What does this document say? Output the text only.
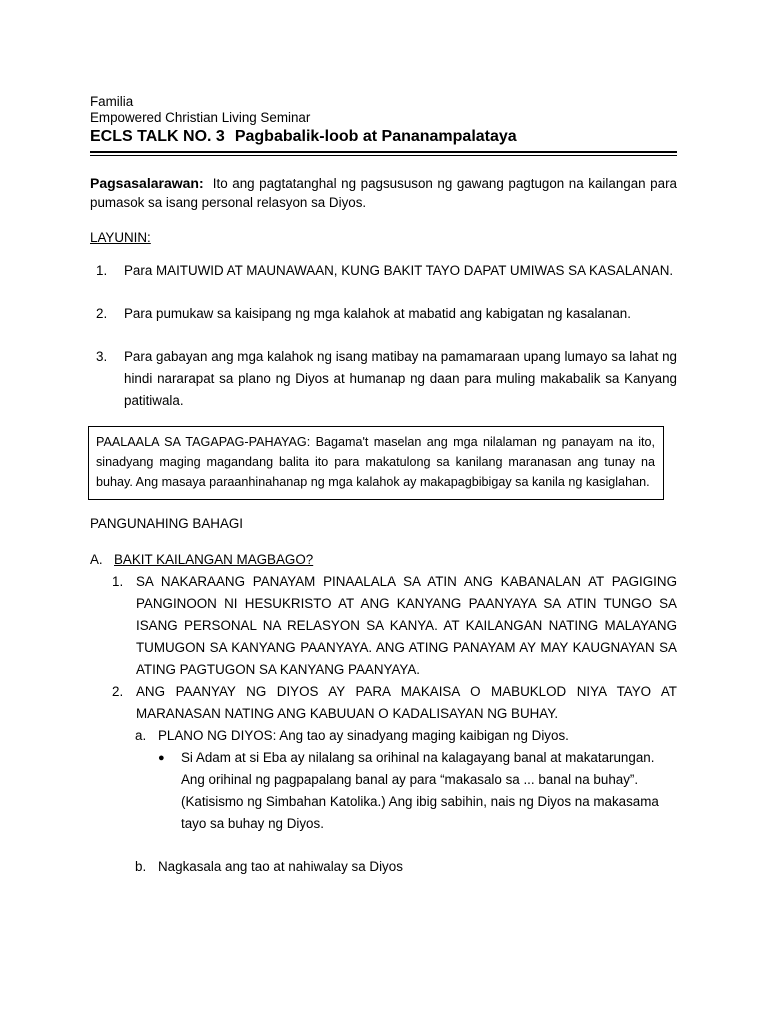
Familia
Empowered Christian Living Seminar
ECLS TALK NO. 3 Pagbabalik-loob at Pananampalataya

Pagsasalarawan: Ito ang pagtatanghal ng pagsususon ng gawang pagtugon na kailangan para pumasok sa isang personal relasyon sa Diyos.

LAYUNIN:

1. Para MAITUWID AT MAUNAWAAN, KUNG BAKIT TAYO DAPAT UMIWAS SA KASALANAN.
2. Para pumukaw sa kaisipang ng mga kalahok at mabatid ang kabigatan ng kasalanan.
3. Para gabayan ang mga kalahok ng isang matibay na pamamaraan upang lumayo sa lahat ng hindi nararapat sa plano ng Diyos at humanap ng daan para muling makabalik sa Kanyang patitiwala.
PAALAALA SA TAGAPAG-PAHAYAG: Bagama't maselan ang mga nilalaman ng panayam na ito, sinadyang maging magandang balita ito para makatulong sa kanilang maranasan ang tunay na buhay. Ang masaya paraanhinahanap ng mga kalahok ay makapagbibigay sa kanila ng kasiglahan.

PANGUNAHING BAHAGI

A. BAKIT KAILANGAN MAGBAGO?
1. SA NAKARAANG PANAYAM PINAALALA SA ATIN ANG KABANALAN AT PAGIGING PANGINOON NI HESUKRISTO AT ANG KANYANG PAANYAYA SA ATIN TUNGO SA ISANG PERSONAL NA RELASYON SA KANYA. AT KAILANGAN NATING MALAYANG TUMUGON SA KANYANG PAANYAYA. ANG ATING PANAYAM AY MAY KAUGNAYAN SA ATING PAGTUGON SA KANYANG PAANYAYA.
2. ANG PAANYAY NG DIYOS AY PARA MAKAISA O MABUKLOD NIYA TAYO AT MARANASAN NATING ANG KABUUAN O KADALISAYAN NG BUHAY.
a. PLANO NG DIYOS: Ang tao ay sinadyang maging kaibigan ng Diyos.
● Si Adam at si Eba ay nilalang sa orihinal na kalagayang banal at makatarungan. Ang orihinal ng pagpapalang banal ay para “makasalo sa ... banal na buhay”. (Katisismo ng Simbahan Katolika.) Ang ibig sabihin, nais ng Diyos na makasama tayo sa buhay ng Diyos.
b. Nagkasala ang tao at nahiwalay sa Diyos
